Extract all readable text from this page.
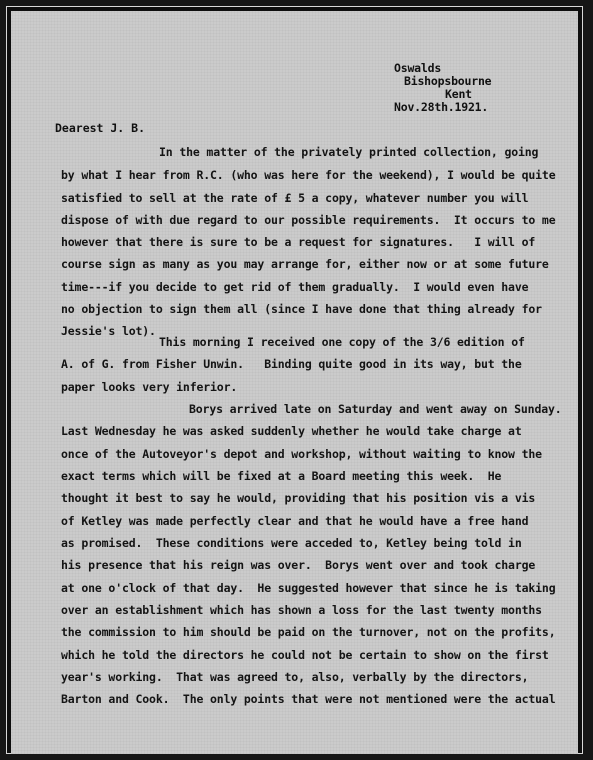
Oswalds
Bishopsbourne
Kent
Nov.28th.1921.
Dearest J. B.
In the matter of the privately printed collection, going
by what I hear from R.C. (who was here for the weekend), I would be quite
satisfied to sell at the rate of £ 5 a copy, whatever number you will
dispose of with due regard to our possible requirements.  It occurs to me
however that there is sure to be a request for signatures.   I will of
course sign as many as you may arrange for, either now or at some future
time---if you decide to get rid of them gradually.  I would even have
no objection to sign them all (since I have done that thing already for
Jessie's lot).
This morning I received one copy of the 3/6 edition of
A. of G. from Fisher Unwin.   Binding quite good in its way, but the
paper looks very inferior.
Borys arrived late on Saturday and went away on Sunday.
Last Wednesday he was asked suddenly whether he would take charge at
once of the Autoveyor's depot and workshop, without waiting to know the
exact terms which will be fixed at a Board meeting this week.  He
thought it best to say he would, providing that his position vis a vis
of Ketley was made perfectly clear and that he would have a free hand
as promised.  These conditions were acceded to, Ketley being told in
his presence that his reign was over.  Borys went over and took charge
at one o'clock of that day.  He suggested however that since he is taking
over an establishment which has shown a loss for the last twenty months
the commission to him should be paid on the turnover, not on the profits,
which he told the directors he could not be certain to show on the first
year's working.  That was agreed to, also, verbally by the directors,
Barton and Cook.  The only points that were not mentioned were the actual
